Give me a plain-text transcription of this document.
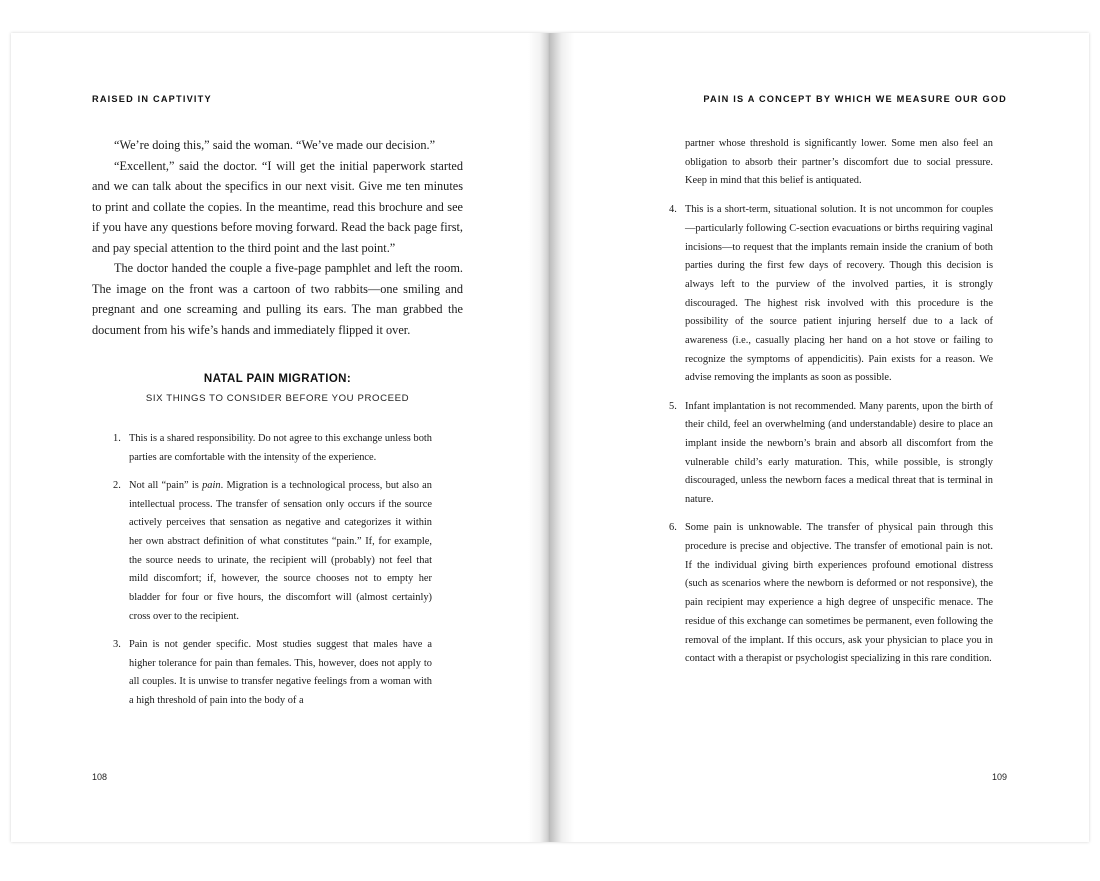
RAISED IN CAPTIVITY

“We’re doing this,” said the woman. “We’ve made our decision.”

“Excellent,” said the doctor. “I will get the initial paperwork started and we can talk about the specifics in our next visit. Give me ten minutes to print and collate the copies. In the meantime, read this brochure and see if you have any questions before moving forward. Read the back page first, and pay special attention to the third point and the last point.”

The doctor handed the couple a five-page pamphlet and left the room. The image on the front was a cartoon of two rabbits—one smiling and pregnant and one screaming and pulling its ears. The man grabbed the document from his wife’s hands and immediately flipped it over.

NATAL PAIN MIGRATION:
SIX THINGS TO CONSIDER BEFORE YOU PROCEED
1. This is a shared responsibility. Do not agree to this exchange unless both parties are comfortable with the intensity of the experience.
2. Not all “pain” is pain. Migration is a technological process, but also an intellectual process. The transfer of sensation only occurs if the source actively perceives that sensation as negative and categorizes it within her own abstract definition of what constitutes “pain.” If, for example, the source needs to urinate, the recipient will (probably) not feel that mild discomfort; if, however, the source chooses not to empty her bladder for four or five hours, the discomfort will (almost certainly) cross over to the recipient.
3. Pain is not gender specific. Most studies suggest that males have a higher tolerance for pain than females. This, however, does not apply to all couples. It is unwise to transfer negative feelings from a woman with a high threshold of pain into the body of a
108
PAIN IS A CONCEPT BY WHICH WE MEASURE OUR GOD
partner whose threshold is significantly lower. Some men also feel an obligation to absorb their partner’s discomfort due to social pressure. Keep in mind that this belief is antiquated.
4. This is a short-term, situational solution. It is not uncommon for couples—particularly following C-section evacuations or births requiring vaginal incisions—to request that the implants remain inside the cranium of both parties during the first few days of recovery. Though this decision is always left to the purview of the involved parties, it is strongly discouraged. The highest risk involved with this procedure is the possibility of the source patient injuring herself due to a lack of awareness (i.e., casually placing her hand on a hot stove or failing to recognize the symptoms of appendicitis). Pain exists for a reason. We advise removing the implants as soon as possible.
5. Infant implantation is not recommended. Many parents, upon the birth of their child, feel an overwhelming (and understandable) desire to place an implant inside the newborn’s brain and absorb all discomfort from the vulnerable child’s early maturation. This, while possible, is strongly discouraged, unless the newborn faces a medical threat that is terminal in nature.
6. Some pain is unknowable. The transfer of physical pain through this procedure is precise and objective. The transfer of emotional pain is not. If the individual giving birth experiences profound emotional distress (such as scenarios where the newborn is deformed or not responsive), the pain recipient may experience a high degree of unspecific menace. The residue of this exchange can sometimes be permanent, even following the removal of the implant. If this occurs, ask your physician to place you in contact with a therapist or psychologist specializing in this rare condition.
109
